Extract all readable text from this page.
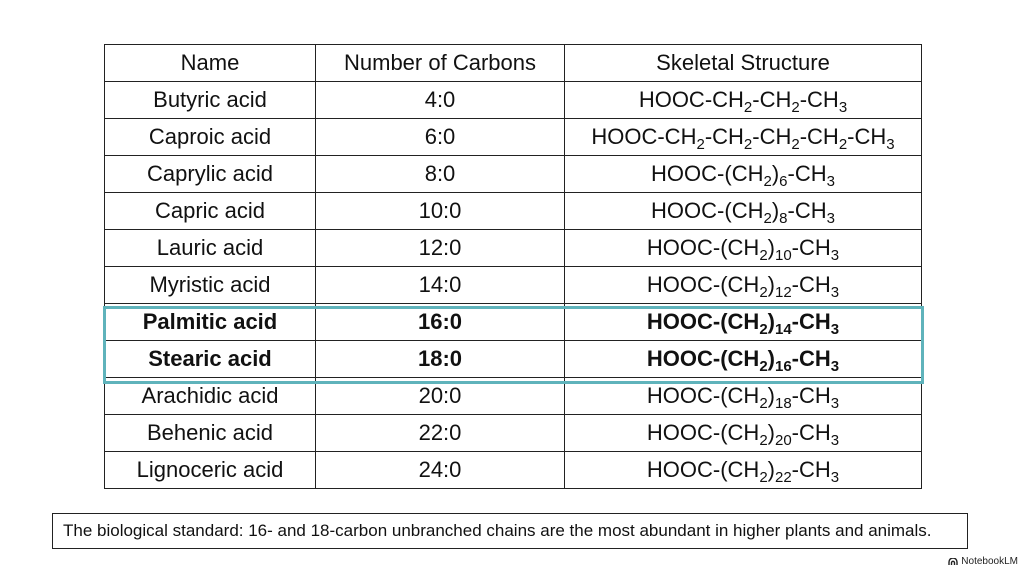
Name	Number of Carbons	Skeletal Structure
Butyric acid	4:0	HOOC-$CH_2-CH_2-CH_3$
Caproic acid	6:0	HOOC-$CH_2-CH_2-CH_2-CH_2-CH_3$
Caprylic acid	8:0	HOOC-$(CH_2)_6-CH_3$
Capric acid	10:0	HOOC-$(CH_2)_8-CH_3$
Lauric acid	12:0	HOOC-$(CH_2)_{10}-CH_3$
Myristic acid	14:0	HOOC-$(CH_2)_{12}-CH_3$
Palmitic acid	16:0	HOOC-$(CH_2)_{14}-CH_3$
Stearic acid	18:0	HOOC-$(CH_2)_{16}-CH_3$
Arachidic acid	20:0	HOOC-$(CH_2)_{18}-CH_3$
Behenic acid	22:0	HOOC-$(CH_2)_{20}-CH_3$
Lignoceric acid	24:0	HOOC-$(CH_2)_{22}-CH_3$
The biological standard: 16- and 18-carbon unbranched chains are the most abundant in higher plants and animals.
NotebookLM
